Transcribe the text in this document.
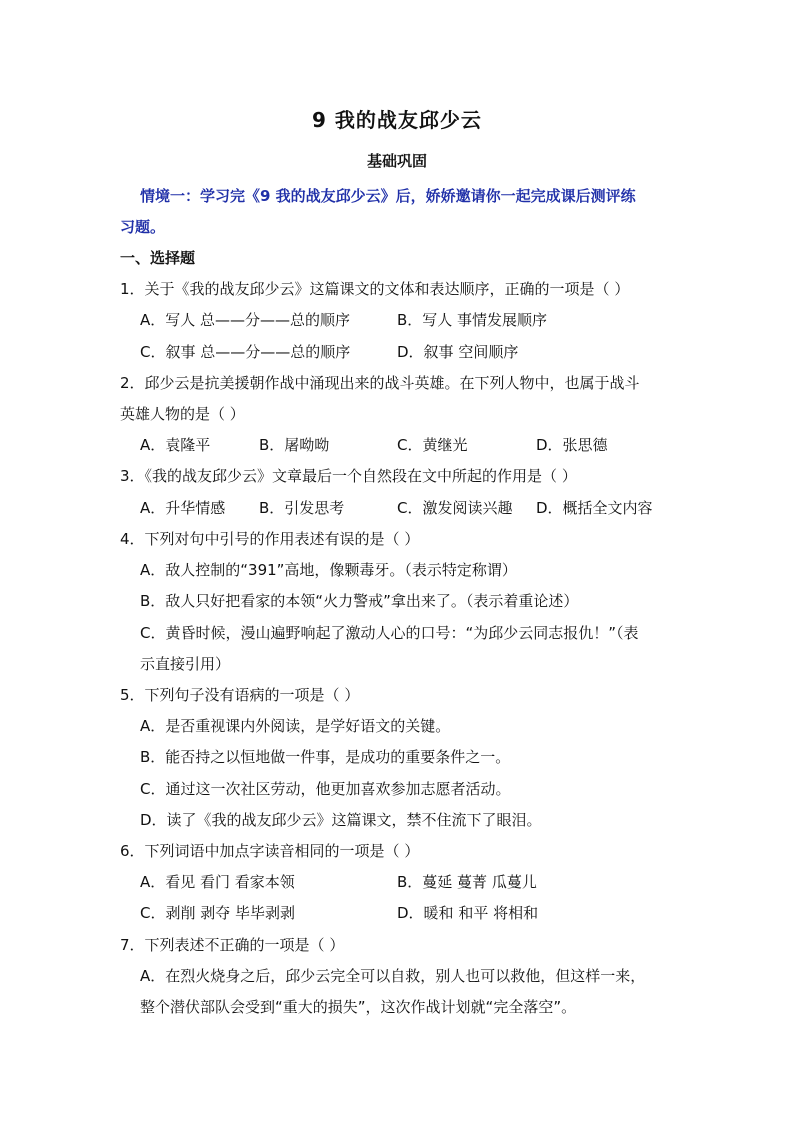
9 我的战友邱少云
基础巩固
情境一：学习完《9 我的战友邱少云》后，娇娇邀请你一起完成课后测评练
习题。
一、选择题
1．关于《我的战友邱少云》这篇课文的文体和表达顺序，正确的一项是（ ）
A．写人 总——分——总的顺序	B．写人 事情发展顺序
C．叙事 总——分——总的顺序	D．叙事 空间顺序
2．邱少云是抗美援朝作战中涌现出来的战斗英雄。在下列人物中，也属于战斗
英雄人物的是（ ）
A．袁隆平	B．屠呦呦	C．黄继光	D．张思德
3．《我的战友邱少云》文章最后一个自然段在文中所起的作用是（ ）
A．升华情感 B．引发思考	C．激发阅读兴趣 D．概括全文内容
4．下列对句中引号的作用表述有误的是（ ）
A．敌人控制的“391”高地，像颗毒牙。（表示特定称谓）
B．敌人只好把看家的本领“火力警戒”拿出来了。（表示着重论述）
C．黄昏时候，漫山遍野响起了激动人心的口号：“为邱少云同志报仇！”（表
示直接引用）
5．下列句子没有语病的一项是（ ）
A．是否重视课内外阅读，是学好语文的关键。
B．能否持之以恒地做一件事，是成功的重要条件之一。
C．通过这一次社区劳动，他更加喜欢参加志愿者活动。
D．读了《我的战友邱少云》这篇课文，禁不住流下了眼泪。
6．下列词语中加点字读音相同的一项是（ ）
A．看见 看门 看家本领	B．蔓延 蔓菁 瓜蔓儿
C．剥削 剥夺 毕毕剥剥	D．暖和 和平 将相和
7．下列表述不正确的一项是（ ）
A．在烈火烧身之后，邱少云完全可以自救，别人也可以救他，但这样一来，
整个潜伏部队会受到“重大的损失”，这次作战计划就“完全落空”。
